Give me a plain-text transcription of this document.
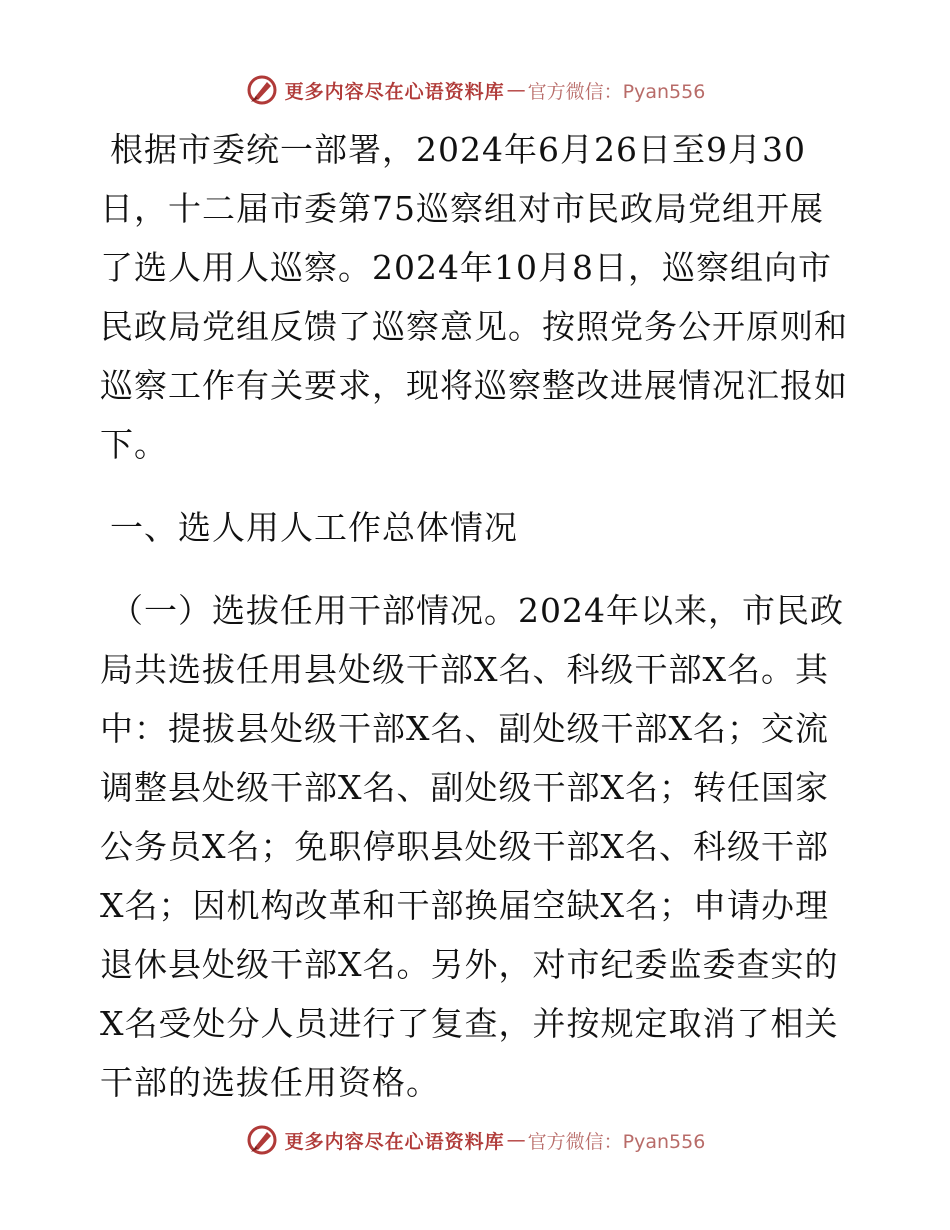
更多内容尽在心语资料库 — 官方微信：Pyan556

根据市委统一部署，2024年6月26日至9月30日，十二届市委第75巡察组对市民政局党组开展了选人用人巡察。2024年10月8日，巡察组向市民政局党组反馈了巡察意见。按照党务公开原则和巡察工作有关要求，现将巡察整改进展情况汇报如下。

一、选人用人工作总体情况

（一）选拔任用干部情况。2024年以来，市民政局共选拔任用县处级干部X名、科级干部X名。其中：提拔县处级干部X名、副处级干部X名；交流调整县处级干部X名、副处级干部X名；转任国家公务员X名；免职停职县处级干部X名、科级干部X名；因机构改革和干部换届空缺X名；申请办理退休县处级干部X名。另外，对市纪委监委查实的X名受处分人员进行了复查，并按规定取消了相关干部的选拔任用资格。

更多内容尽在心语资料库 — 官方微信：Pyan556
